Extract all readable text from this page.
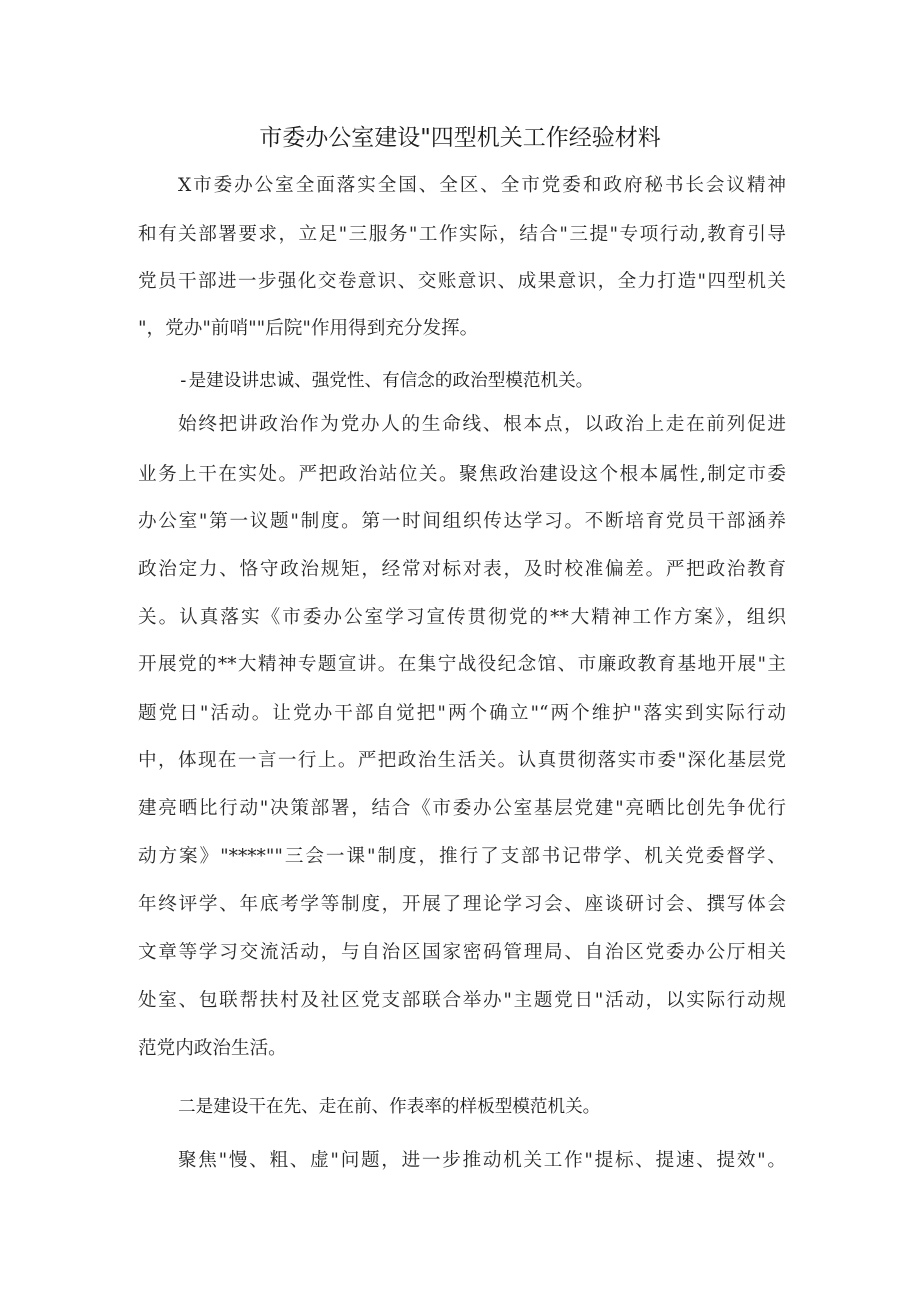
市委办公室建设"四型机关工作经验材料
X市委办公室全面落实全国、全区、全市党委和政府秘书长会议精神
和有关部署要求，立足"三服务"工作实际，结合"三提"专项行动,教育引导
党员干部进一步强化交卷意识、交账意识、成果意识，全力打造"四型机关
"，党办"前哨""后院"作用得到充分发挥。
-是建设讲忠诚、强党性、有信念的政治型模范机关。
始终把讲政治作为党办人的生命线、根本点，以政治上走在前列促进
业务上干在实处。严把政治站位关。聚焦政治建设这个根本属性,制定市委
办公室"第一议题"制度。第一时间组织传达学习。不断培育党员干部涵养
政治定力、恪守政治规矩，经常对标对表，及时校准偏差。严把政治教育
关。认真落实《市委办公室学习宣传贯彻党的**大精神工作方案》，组织
开展党的**大精神专题宣讲。在集宁战役纪念馆、市廉政教育基地开展"主
题党日"活动。让党办干部自觉把"两个确立"“两个维护"落实到实际行动
中，体现在一言一行上。严把政治生活关。认真贯彻落实市委"深化基层党
建亮晒比行动"决策部署，结合《市委办公室基层党建"亮晒比创先争优行
动方案》"****""三会一课"制度，推行了支部书记带学、机关党委督学、
年终评学、年底考学等制度，开展了理论学习会、座谈研讨会、撰写体会
文章等学习交流活动，与自治区国家密码管理局、自治区党委办公厅相关
处室、包联帮扶村及社区党支部联合举办"主题党日"活动，以实际行动规
范党内政治生活。
二是建设干在先、走在前、作表率的样板型模范机关。
聚焦"慢、粗、虚"问题，进一步推动机关工作"提标、提速、提效"。
